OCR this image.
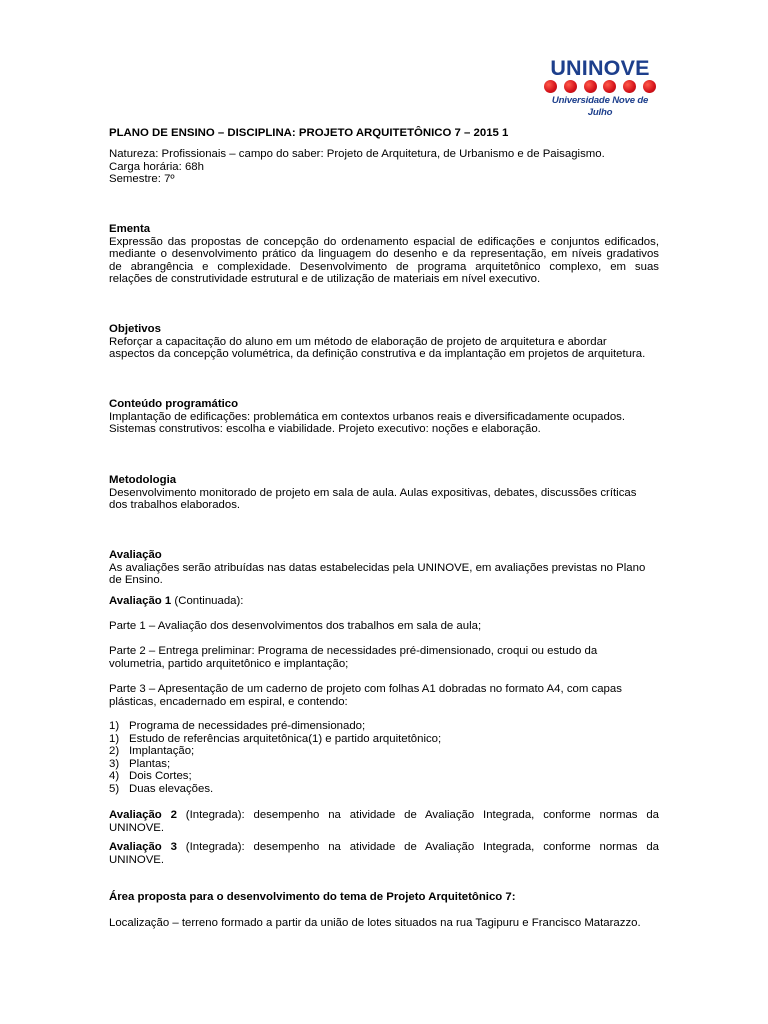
UNINOVE
Universidade Nove de Julho

PLANO DE ENSINO – DISCIPLINA: PROJETO ARQUITETÔNICO 7 – 2015 1

Natureza: Profissionais – campo do saber: Projeto de Arquitetura, de Urbanismo e de Paisagismo.

Carga horária: 68h

Semestre: 7º

Ementa

Expressão das propostas de concepção do ordenamento espacial de edificações e conjuntos edificados,

mediante o desenvolvimento prático da linguagem do desenho e da representação, em níveis gradativos

de abrangência e complexidade. Desenvolvimento de programa arquitetônico complexo, em suas

relações de construtividade estrutural e de utilização de materiais em nível executivo.

Objetivos

Reforçar a capacitação do aluno em um método de elaboração de projeto de arquitetura e abordar

aspectos da concepção volumétrica, da definição construtiva e da implantação em projetos de arquitetura.

Conteúdo programático

Implantação de edificações: problemática em contextos urbanos reais e diversificadamente ocupados.

Sistemas construtivos: escolha e viabilidade. Projeto executivo: noções e elaboração.

Metodologia

Desenvolvimento monitorado de projeto em sala de aula. Aulas expositivas, debates, discussões críticas

dos trabalhos elaborados.

Avaliação

As avaliações serão atribuídas nas datas estabelecidas pela UNINOVE, em avaliações previstas no Plano

de Ensino.

Avaliação 1 (Continuada):

Parte 1 – Avaliação dos desenvolvimentos dos trabalhos em sala de aula;

Parte 2 – Entrega preliminar: Programa de necessidades pré-dimensionado, croqui ou estudo da

volumetria, partido arquitetônico e implantação;

Parte 3 – Apresentação de um caderno de projeto com folhas A1 dobradas no formato A4, com capas

plásticas, encadernado em espiral, e contendo:

1) Programa de necessidades pré-dimensionado;
1) Estudo de referências arquitetônica(1) e partido arquitetônico;
2) Implantação;
3) Plantas;
4) Dois Cortes;
5) Duas elevações.

Avaliação 2 (Integrada): desempenho na atividade de Avaliação Integrada, conforme normas da

UNINOVE.

Avaliação 3 (Integrada): desempenho na atividade de Avaliação Integrada, conforme normas da

UNINOVE.

Área proposta para o desenvolvimento do tema de Projeto Arquitetônico 7:

Localização – terreno formado a partir da união de lotes situados na rua Tagipuru e Francisco Matarazzo.
